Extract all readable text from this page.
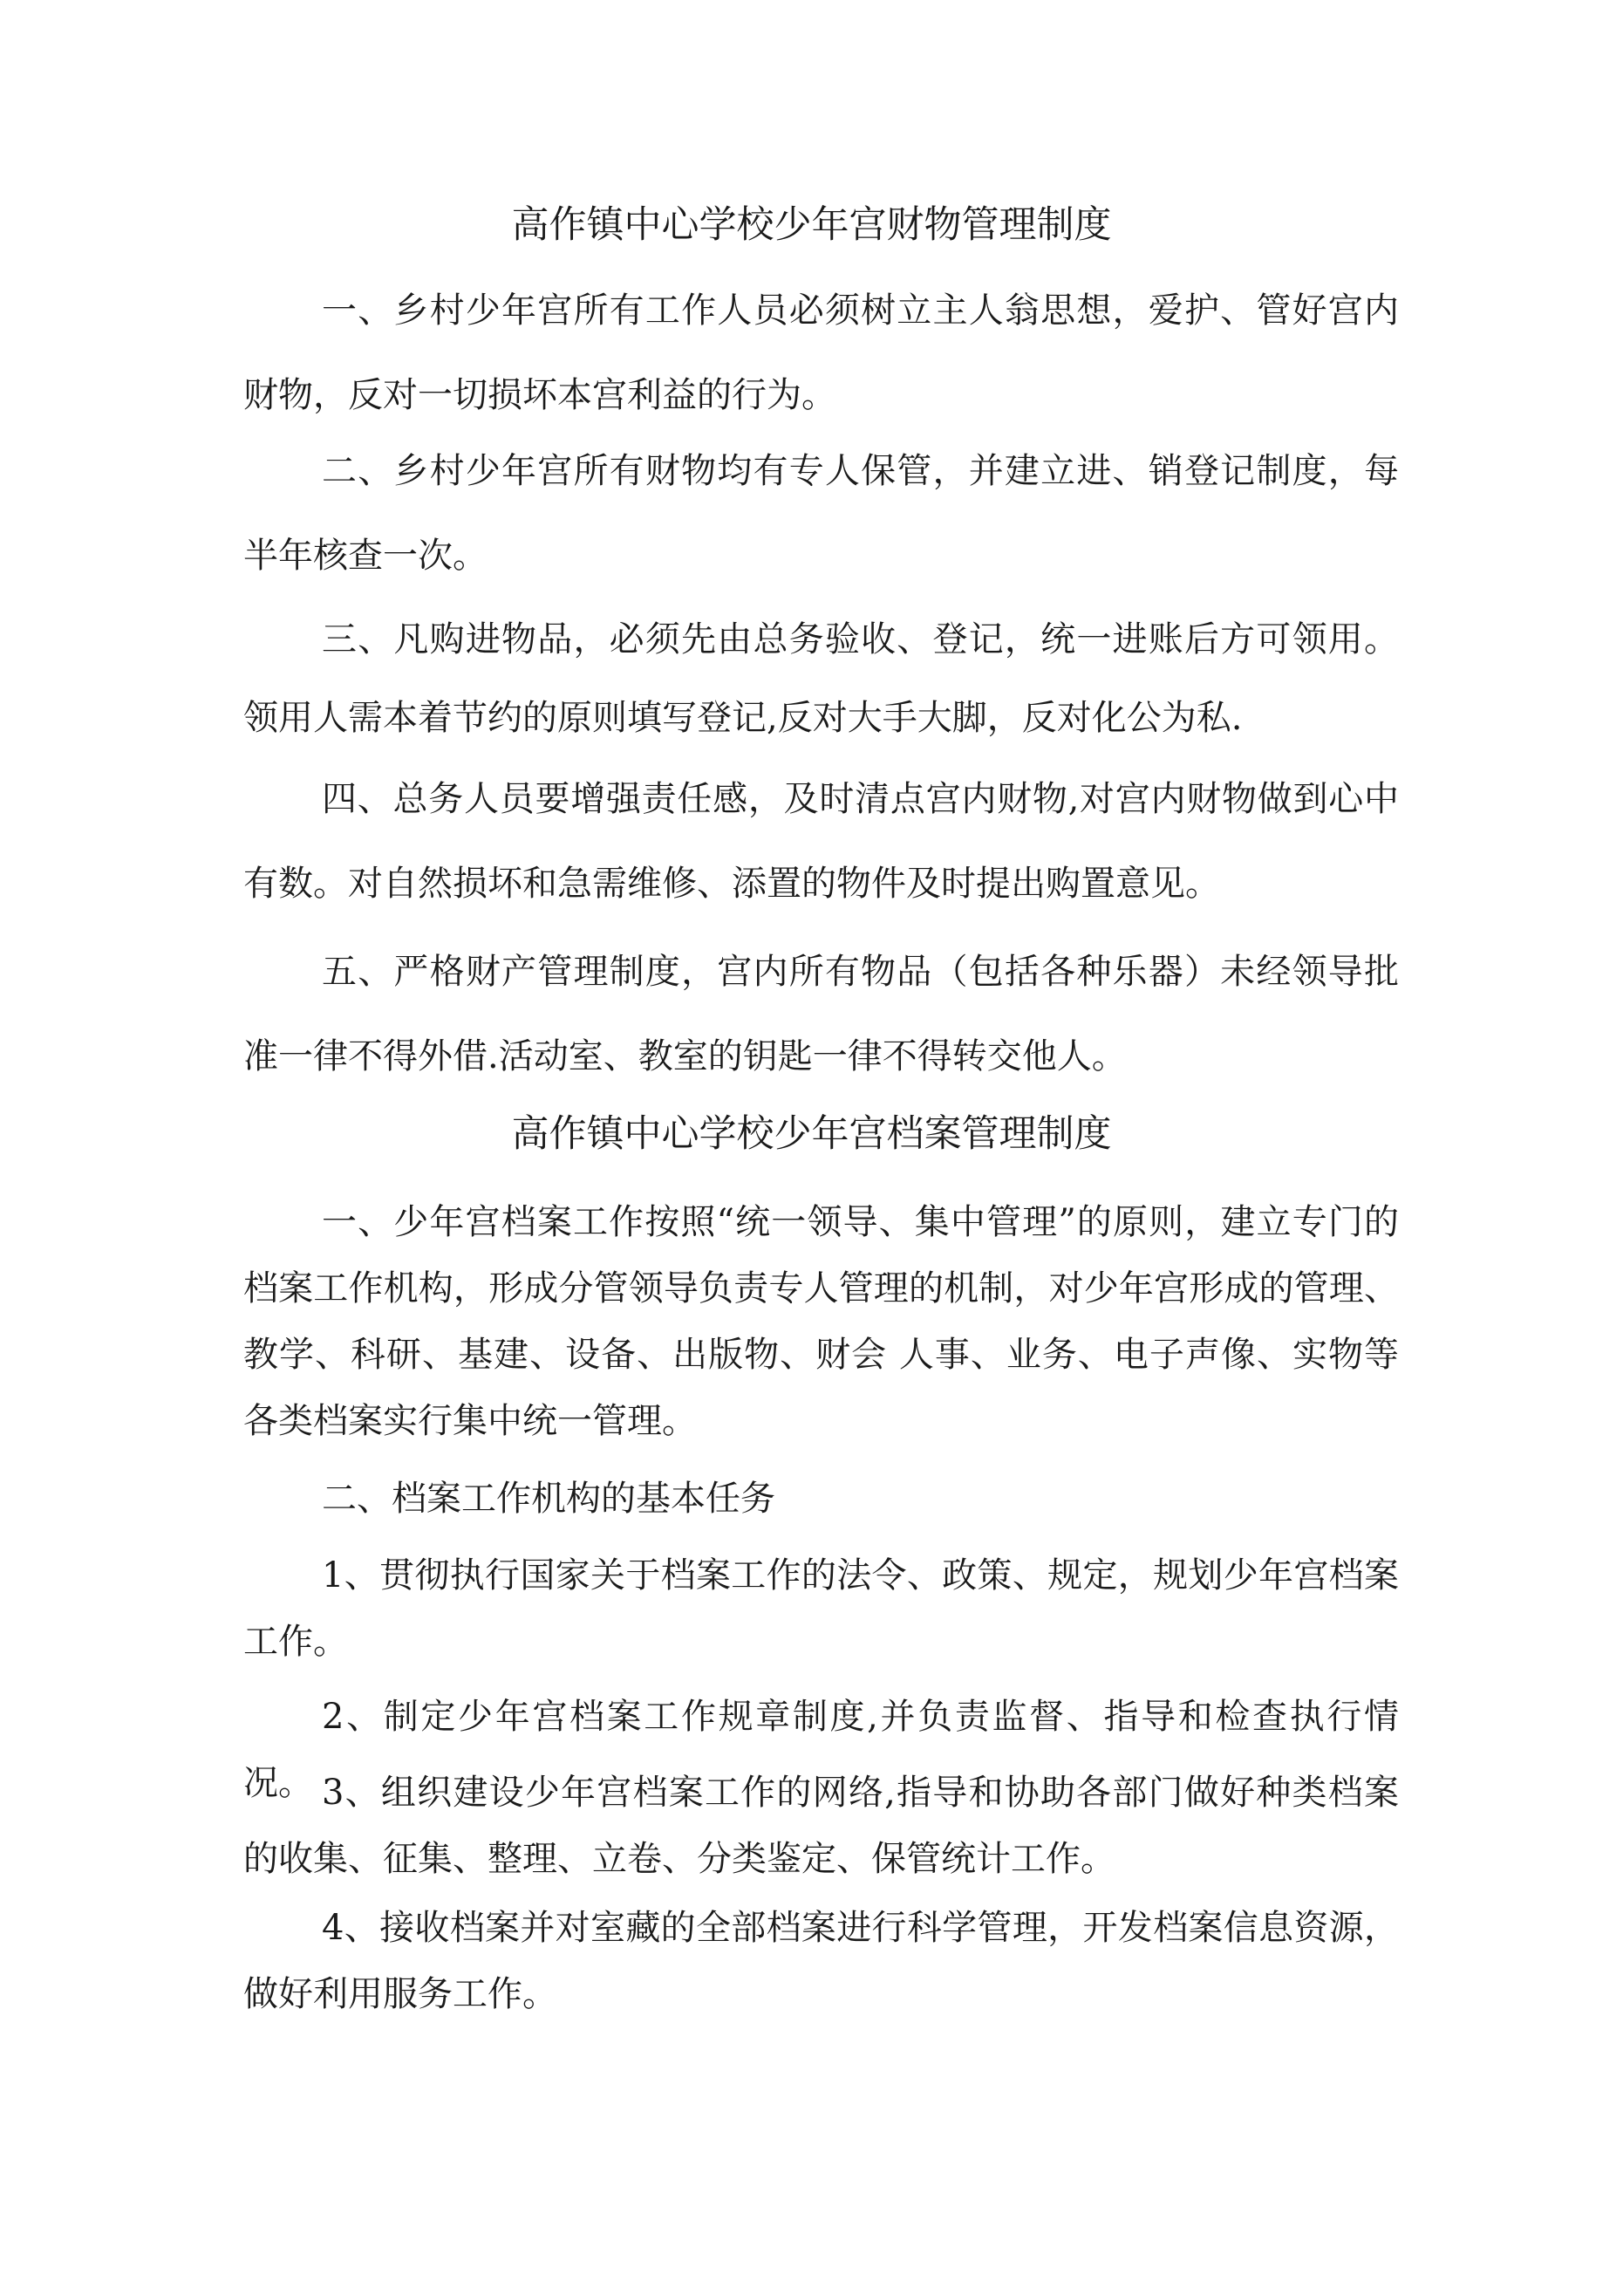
高作镇中心学校少年宫财物管理制度

一、乡村少年宫所有工作人员必须树立主人翁思想，爱护、管好宫内财物，反对一切损坏本宫利益的行为。

二、乡村少年宫所有财物均有专人保管，并建立进、销登记制度，每半年核查一次。

三、凡购进物品，必须先由总务验收、登记，统一进账后方可领用。领用人需本着节约的原则填写登记,反对大手大脚，反对化公为私.

四、总务人员要增强责任感，及时清点宫内财物,对宫内财物做到心中有数。对自然损坏和急需维修、添置的物件及时提出购置意见。

五、严格财产管理制度，宫内所有物品（包括各种乐器）未经领导批准一律不得外借.活动室、教室的钥匙一律不得转交他人。

高作镇中心学校少年宫档案管理制度

一、少年宫档案工作按照“统一领导、集中管理”的原则，建立专门的档案工作机构，形成分管领导负责专人管理的机制，对少年宫形成的管理、教学、科研、基建、设备、出版物、财会 人事、业务、电子声像、实物等各类档案实行集中统一管理。

二、档案工作机构的基本任务

1、贯彻执行国家关于档案工作的法令、政策、规定，规划少年宫档案工作。

2、制定少年宫档案工作规章制度,并负责监督、指导和检查执行情况。 3、组织建设少年宫档案工作的网络,指导和协助各部门做好种类档案的收集、征集、整理、立卷、分类鉴定、保管统计工作。

4、接收档案并对室藏的全部档案进行科学管理，开发档案信息资源，做好利用服务工作。
